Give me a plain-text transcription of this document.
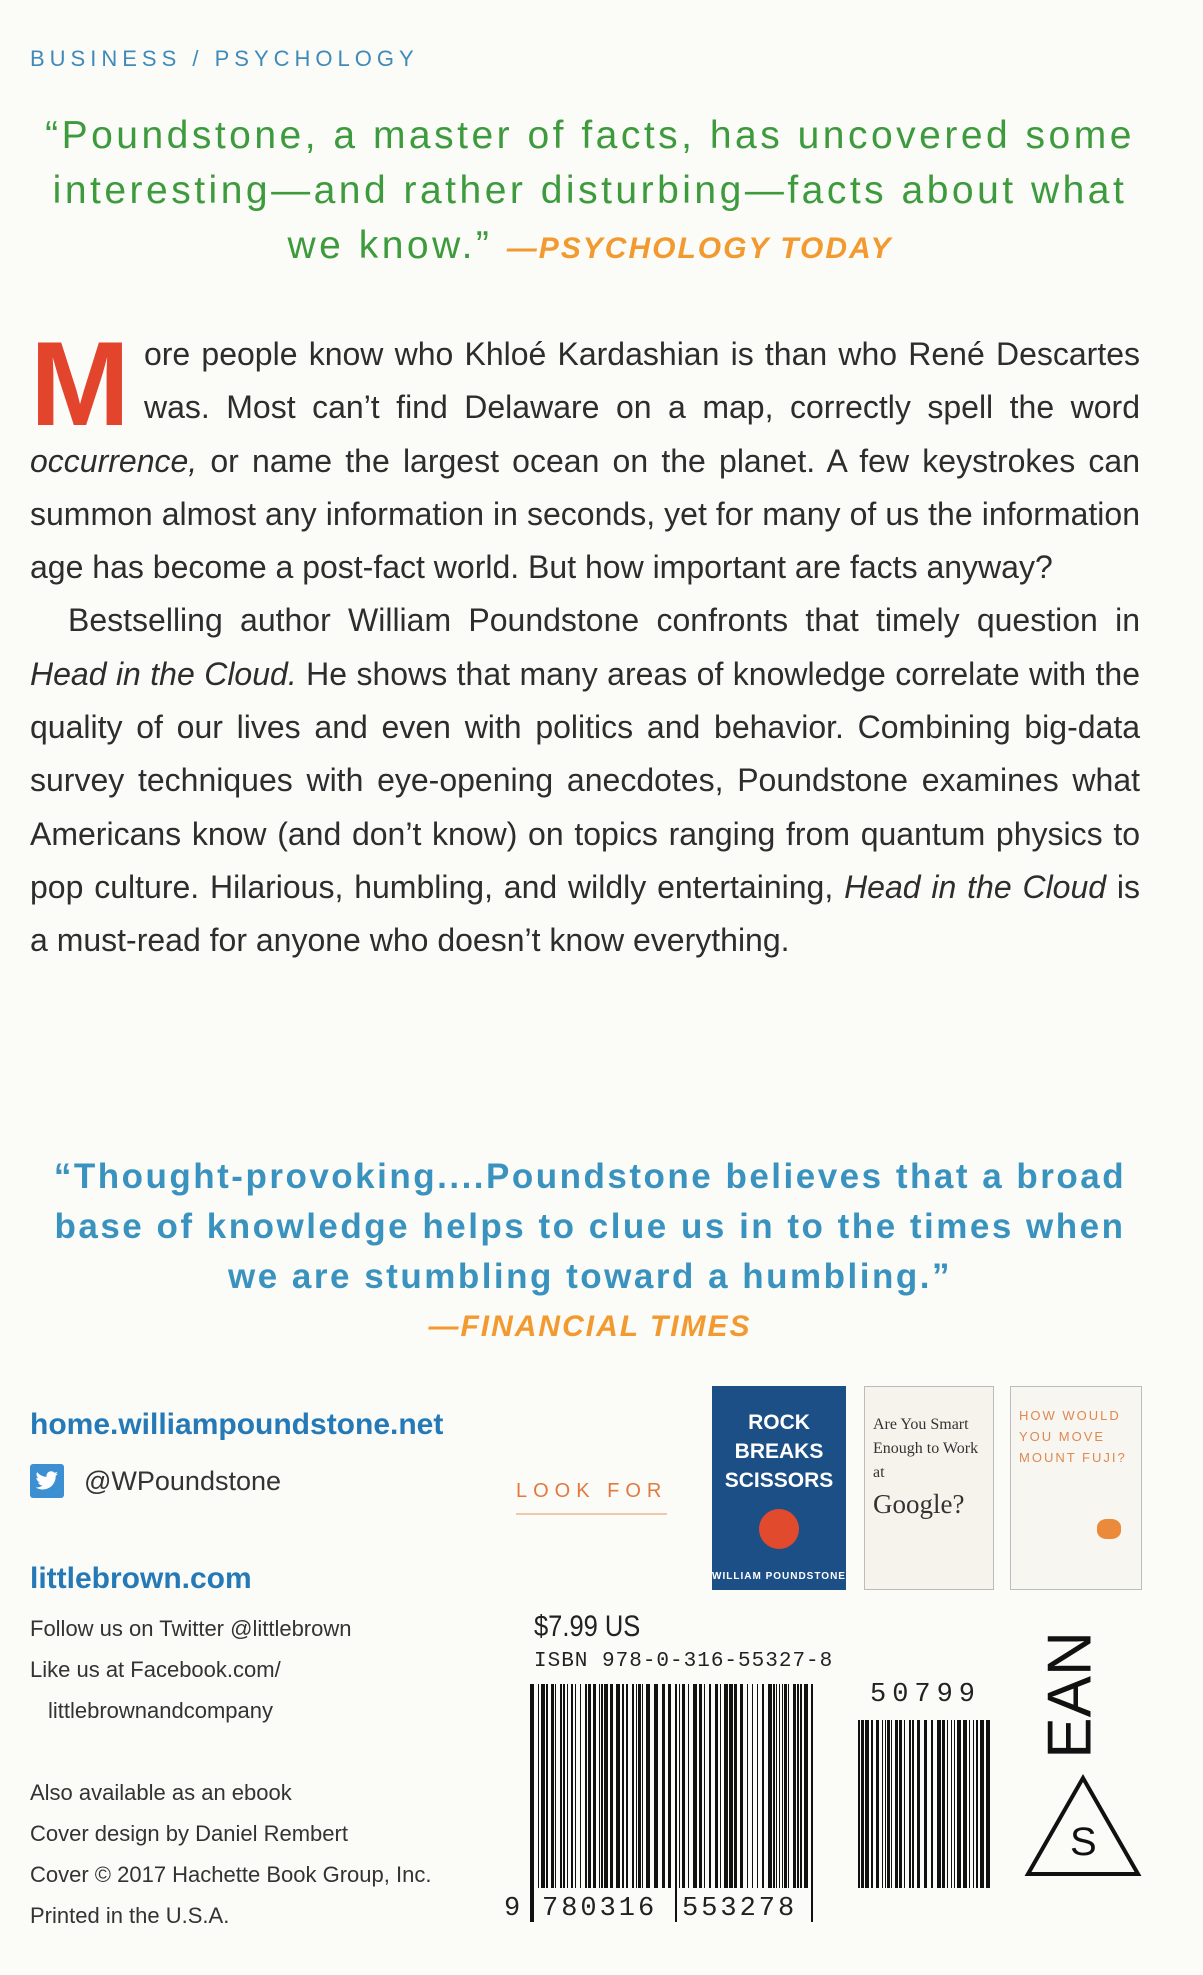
BUSINESS / PSYCHOLOGY
“Poundstone, a master of facts, has uncovered some interesting—and rather disturbing—facts about what we know.” —PSYCHOLOGY TODAY

More people know who Khloé Kardashian is than who René Descartes was. Most can’t find Delaware on a map, correctly spell the word occurrence, or name the largest ocean on the planet. A few keystrokes can summon almost any information in seconds, yet for many of us the information age has become a post-fact world. But how important are facts anyway?

Bestselling author William Poundstone confronts that timely question in Head in the Cloud. He shows that many areas of knowledge correlate with the quality of our lives and even with politics and behavior. Combining big-data survey techniques with eye-opening anecdotes, Poundstone examines what Americans know (and don’t know) on topics ranging from quantum physics to pop culture. Hilarious, humbling, and wildly entertaining, Head in the Cloud is a must-read for anyone who doesn’t know everything.

“Thought-provoking....Poundstone believes that a broad base of knowledge helps to clue us in to the times when we are stumbling toward a humbling.”
—FINANCIAL TIMES
home.williampoundstone.net
@WPoundstone
littlebrown.com
Follow us on Twitter @littlebrown
Like us at Facebook.com/
littlebrownandcompany
Also available as an ebook
Cover design by Daniel Rembert
Cover © 2017 Hachette Book Group, Inc.
Printed in the U.S.A.
LOOK FOR
ROCK BREAKS SCISSORS
WILLIAM POUNDSTONE
Are You Smart Enough to Work at
Google?
HOW WOULD YOU MOVE MOUNT FUJI?
$7.99 US
ISBN 978-0-316-55327-8
50799
9 780316 553278
EAN
S
